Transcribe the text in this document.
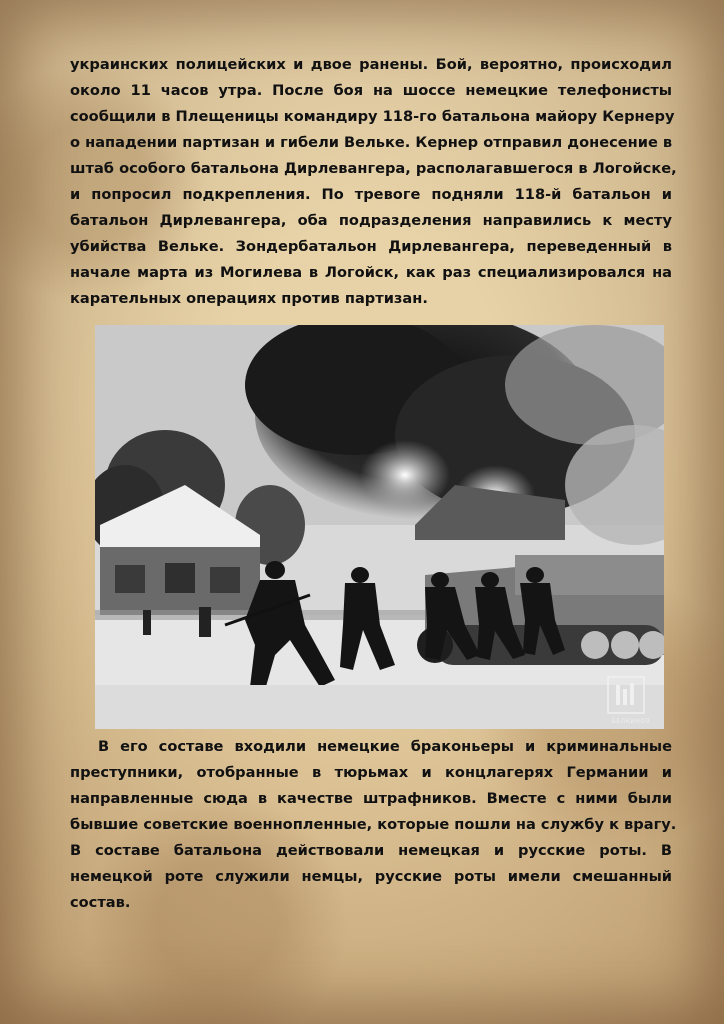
украинских полицейских и двое ранены. Бой, вероятно, происходил
около 11 часов утра. После боя на шоссе немецкие телефонисты
сообщили в Плещеницы командиру 118-го батальона майору Кернеру
о нападении партизан и гибели Вельке. Кернер отправил донесение в
штаб особого батальона Дирлевангера, располагавшегося в Логойске,
и попросил подкрепления. По тревоге подняли 118-й батальон и
батальон Дирлевангера, оба подразделения направились к месту
убийства Вельке. Зондербатальон Дирлевангера, переведенный в
начале марта из Могилева в Логойск, как раз специализировался на
карательных операциях против партизан.
БЕЛКИНОЗ
В его составе входили немецкие браконьеры и криминальные
преступники, отобранные в тюрьмах и концлагерях Германии и
направленные сюда в качестве штрафников. Вместе с ними были
бывшие советские военнопленные, которые пошли на службу к врагу.
В составе батальона действовали немецкая и русские роты. В
немецкой роте служили немцы, русские роты имели смешанный
состав.
